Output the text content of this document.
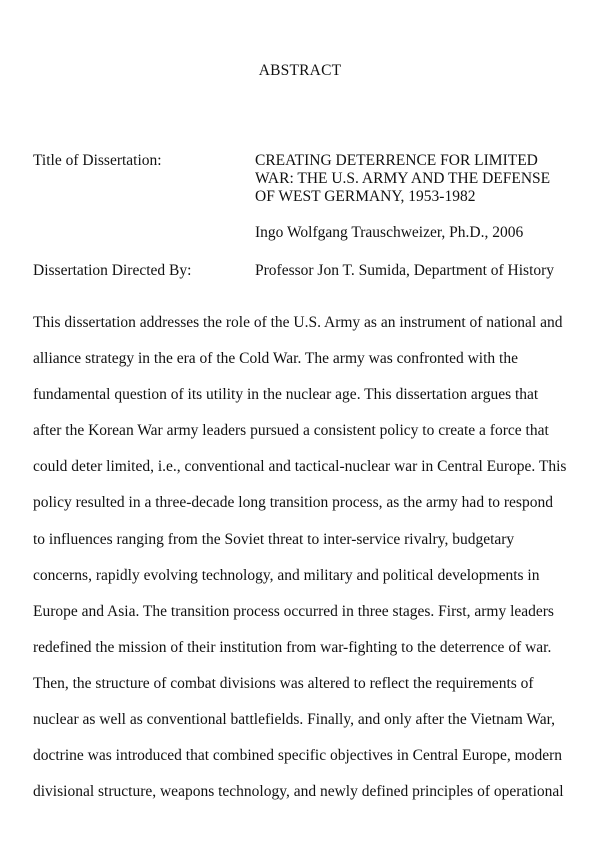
ABSTRACT
Title of Dissertation:	CREATING DETERRENCE FOR LIMITED
WAR: THE U.S. ARMY AND THE DEFENSE
OF WEST GERMANY, 1953-1982
Ingo Wolfgang Trauschweizer, Ph.D., 2006
Dissertation Directed By:	Professor Jon T. Sumida, Department of History
This dissertation addresses the role of the U.S. Army as an instrument of national and
alliance strategy in the era of the Cold War. The army was confronted with the
fundamental question of its utility in the nuclear age. This dissertation argues that
after the Korean War army leaders pursued a consistent policy to create a force that
could deter limited, i.e., conventional and tactical-nuclear war in Central Europe. This
policy resulted in a three-decade long transition process, as the army had to respond
to influences ranging from the Soviet threat to inter-service rivalry, budgetary
concerns, rapidly evolving technology, and military and political developments in
Europe and Asia. The transition process occurred in three stages. First, army leaders
redefined the mission of their institution from war-fighting to the deterrence of war.
Then, the structure of combat divisions was altered to reflect the requirements of
nuclear as well as conventional battlefields. Finally, and only after the Vietnam War,
doctrine was introduced that combined specific objectives in Central Europe, modern
divisional structure, weapons technology, and newly defined principles of operational
